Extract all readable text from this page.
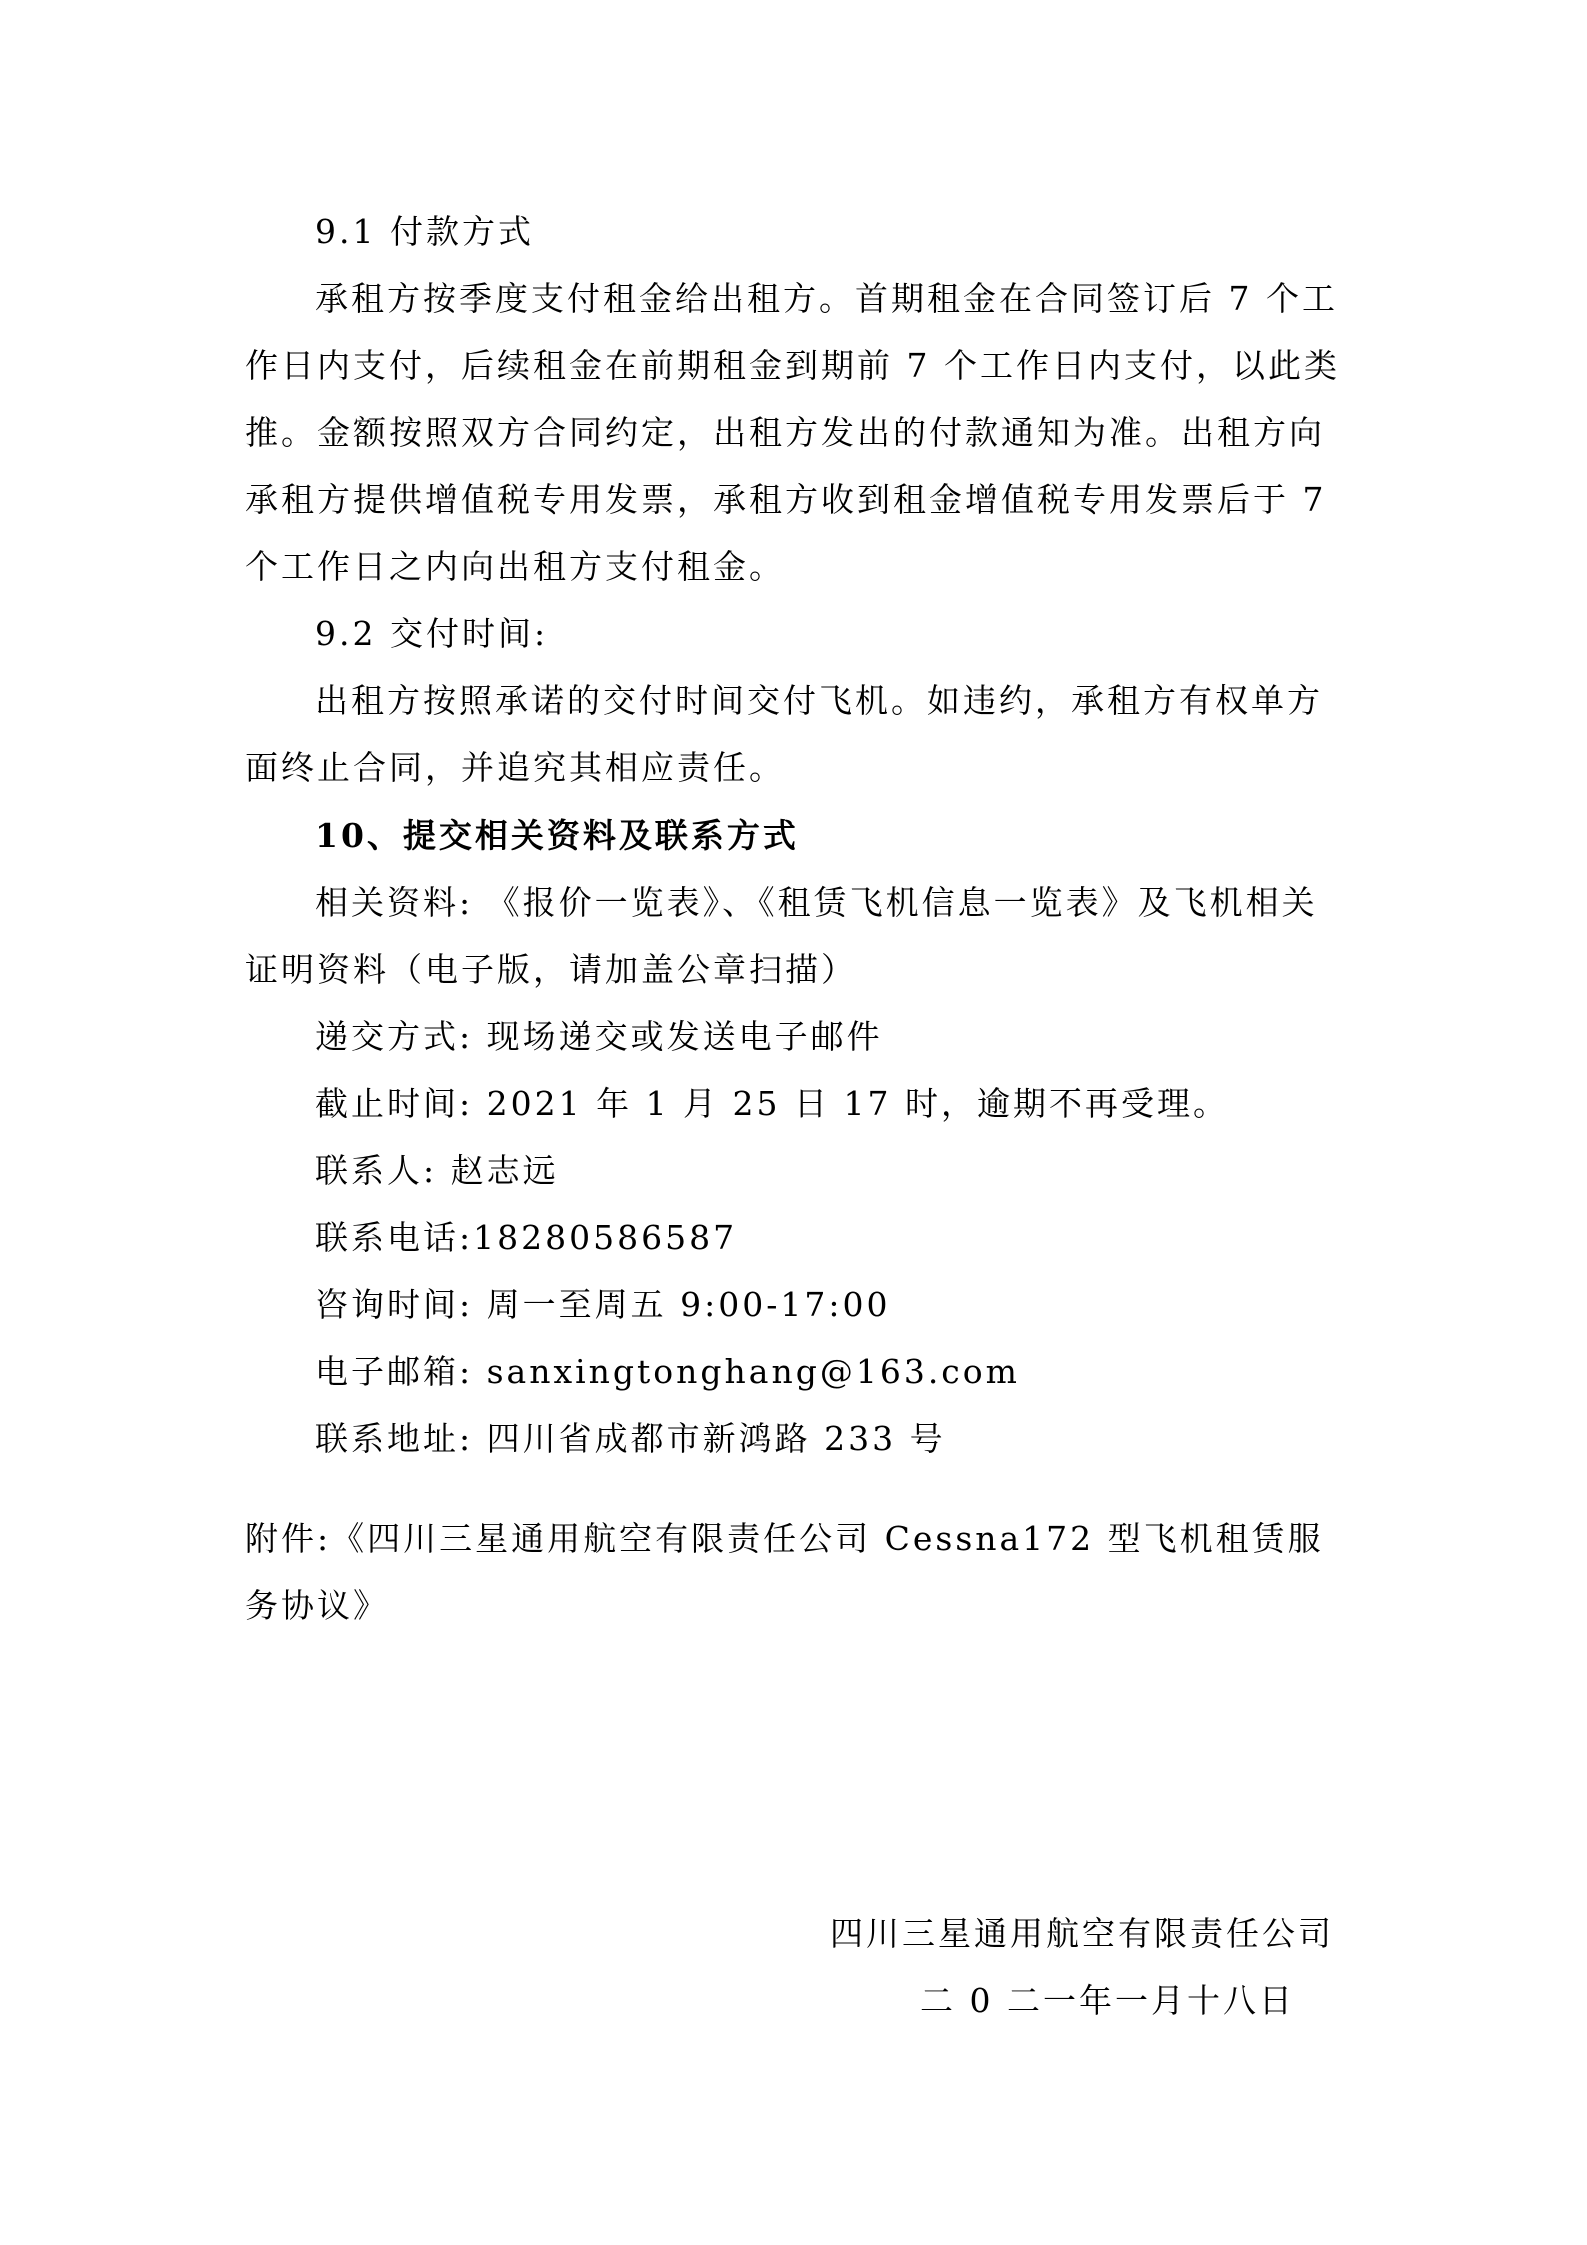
9.1 付款方式

承租方按季度支付租金给出租方。首期租金在合同签订后 7 个工作日内支付，后续租金在前期租金到期前 7 个工作日内支付，以此类推。金额按照双方合同约定，出租方发出的付款通知为准。出租方向承租方提供增值税专用发票，承租方收到租金增值税专用发票后于 7 个工作日之内向出租方支付租金。

9.2 交付时间:

出租方按照承诺的交付时间交付飞机。如违约，承租方有权单方面终止合同，并追究其相应责任。

10、提交相关资料及联系方式

相关资料: 《报价一览表》、《租赁飞机信息一览表》及飞机相关证明资料（电子版，请加盖公章扫描）

递交方式: 现场递交或发送电子邮件

截止时间: 2021 年 1 月 25 日 17 时，逾期不再受理。

联系人: 赵志远

联系电话:18280586587

咨询时间: 周一至周五 9:00-17:00

电子邮箱: sanxingtonghang@163.com

联系地址: 四川省成都市新鸿路 233 号

附件:《四川三星通用航空有限责任公司 Cessna172 型飞机租赁服务协议》

四川三星通用航空有限责任公司
二 0 二一年一月十八日
